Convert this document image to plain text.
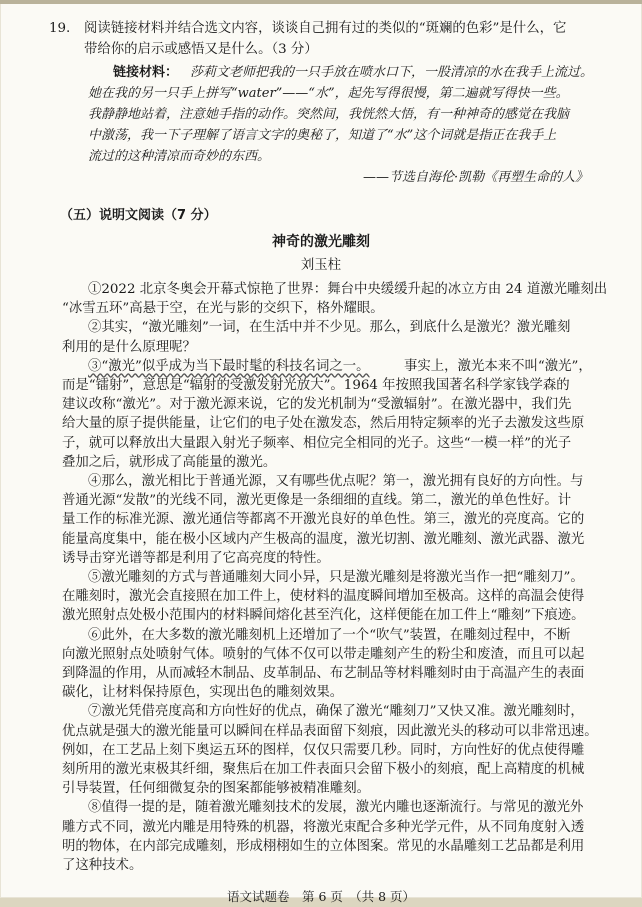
19. 阅读链接材料并结合选文内容，谈谈自己拥有过的类似的“斑斓的色彩”是什么，它
带给你的启示或感悟又是什么。（3 分）
链接材料： 莎莉文老师把我的一只手放在喷水口下，一股清凉的水在我手上流过。
她在我的另一只手上拼写“water”——“水”，起先写得很慢，第二遍就写得快一些。
我静静地站着，注意她手指的动作。突然间，我恍然大悟，有一种神奇的感觉在我脑
中激荡，我一下子理解了语言文字的奥秘了，知道了“水”这个词就是指正在我手上
流过的这种清凉而奇妙的东西。
——节选自海伦·凯勒《再塑生命的人》
（五）说明文阅读（7 分）
神奇的激光雕刻
刘玉柱
①2022 北京冬奥会开幕式惊艳了世界：舞台中央缓缓升起的冰立方由 24 道激光雕刻出
“冰雪五环”高悬于空，在光与影的交织下，格外耀眼。
②其实，“激光雕刻”一词，在生活中并不少见。那么，到底什么是激光？激光雕刻
利用的是什么原理呢？
③“激光”似乎成为当下最时髦的科技名词之一。	事实上，激光本来不叫“激光”，
而是“镭射”，意思是“辐射的受激发射光放大”。1964 年按照我国著名科学家钱学森的
建议改称“激光”。对于激光源来说，它的发光机制为“受激辐射”。在激光器中，我们先
给大量的原子提供能量，让它们的电子处在激发态，然后用特定频率的光子去激发这些原
子，就可以释放出大量跟入射光子频率、相位完全相同的光子。这些“一模一样”的光子
叠加之后，就形成了高能量的激光。
④那么，激光相比于普通光源，又有哪些优点呢？第一，激光拥有良好的方向性。与
普通光源“发散”的光线不同，激光更像是一条细细的直线。第二，激光的单色性好。计
量工作的标准光源、激光通信等都离不开激光良好的单色性。第三，激光的亮度高。它的
能量高度集中，能在极小区域内产生极高的温度，激光切割、激光雕刻、激光武器、激光
诱导击穿光谱等都是利用了它高亮度的特性。
⑤激光雕刻的方式与普通雕刻大同小异，只是激光雕刻是将激光当作一把“雕刻刀”。
在雕刻时，激光会直接照在加工件上，使材料的温度瞬间增加至极高。这样的高温会使得
激光照射点处极小范围内的材料瞬间熔化甚至汽化，这样便能在加工件上“雕刻”下痕迹。
⑥此外，在大多数的激光雕刻机上还增加了一个“吹气”装置，在雕刻过程中，不断
向激光照射点处喷射气体。喷射的气体不仅可以带走雕刻产生的粉尘和废渣，而且可以起
到降温的作用，从而减轻木制品、皮革制品、布艺制品等材料雕刻时由于高温产生的表面
碳化，让材料保持原色，实现出色的雕刻效果。
⑦激光凭借亮度高和方向性好的优点，确保了激光“雕刻刀”又快又准。激光雕刻时，
优点就是强大的激光能量可以瞬间在样品表面留下刻痕，因此激光头的移动可以非常迅速。
例如，在工艺品上刻下奥运五环的图样，仅仅只需要几秒。同时，方向性好的优点使得雕
刻所用的激光束极其纤细，聚焦后在加工件表面只会留下极小的刻痕，配上高精度的机械
引导装置，任何细微复杂的图案都能够被精准雕刻。
⑧值得一提的是，随着激光雕刻技术的发展，激光内雕也逐渐流行。与常见的激光外
语文试题卷　第 6 页　（共 8 页）
雕方式不同，激光内雕是用特殊的机器，将激光束配合多种光学元件，从不同角度射入透
明的物体，在内部完成雕刻，形成栩栩如生的立体图案。常见的水晶雕刻工艺品都是利用
了这种技术。
